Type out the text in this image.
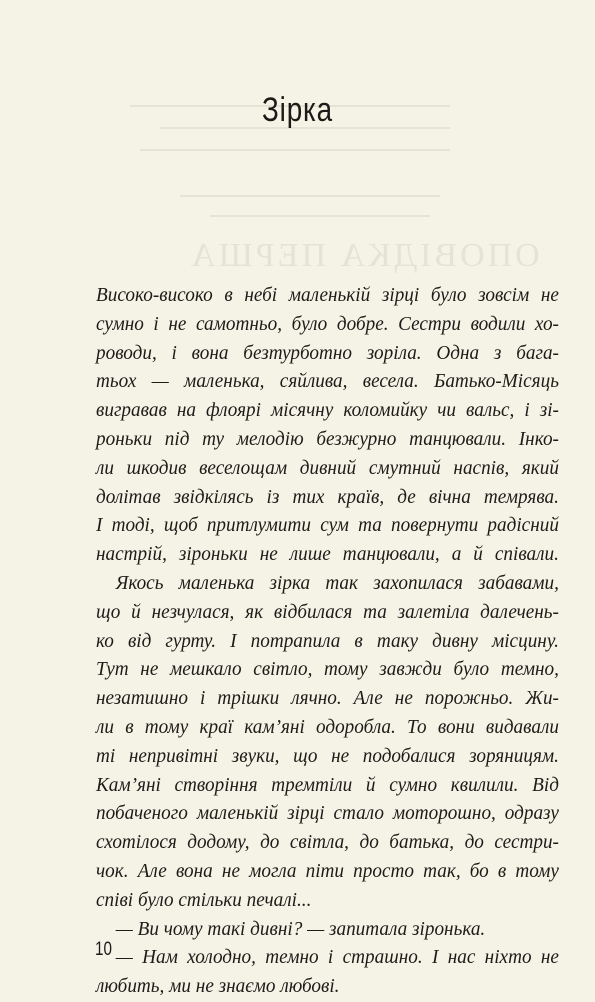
ОПОВІДКА ПЕРША
Зірка
Високо-високо в небі маленькій зірці було зовсім не
сумно і не самотньо, було добре. Сестри водили хо-
роводи, і вона безтурботно зоріла. Одна з бага-
тьох — маленька, сяйлива, весела. Батько-Місяць
вигравав на флоярі місячну коломийку чи вальс, і зі-
роньки під ту мелодію безжурно танцювали. Інко-
ли шкодив веселощам дивний смутний наспів, який
долітав звідкілясь із тих країв, де вічна темрява.
І тоді, щоб притлумити сум та повернути радісний
настрій, зіроньки не лише танцювали, а й співали.
Якось маленька зірка так захопилася забавами,
що й незчулася, як відбилася та залетіла далечень-
ко від гурту. І потрапила в таку дивну місцину.
Тут не мешкало світло, тому завжди було темно,
незатишно і трішки лячно. Але не порожньо. Жи-
ли в тому краї кам’яні одоробла. То вони видавали
ті непривітні звуки, що не подобалися зоряницям.
Кам’яні створіння тремтіли й сумно квилили. Від
побаченого маленькій зірці стало моторошно, одразу
схотілося додому, до світла, до батька, до сестри-
чок. Але вона не могла піти просто так, бо в тому
співі було стільки печалі...
— Ви чому такі дивні? — запитала зіронька.
— Нам холодно, темно і страшно. І нас ніхто не
любить, ми не знаємо любові.
10
